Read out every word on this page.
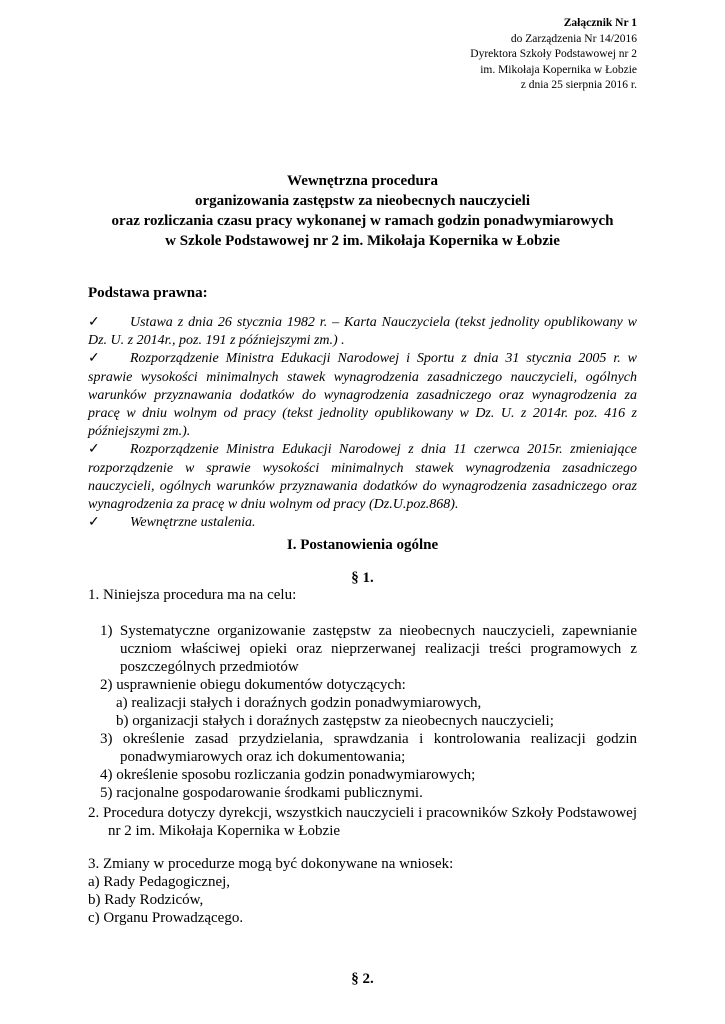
Załącznik Nr 1
do Zarządzenia Nr 14/2016
Dyrektora Szkoły Podstawowej nr 2
im. Mikołaja Kopernika w Łobzie
z dnia 25 sierpnia 2016 r.
Wewnętrzna procedura
organizowania zastępstw za nieobecnych nauczycieli
oraz rozliczania czasu pracy wykonanej w ramach godzin ponadwymiarowych
w Szkole Podstawowej nr 2 im. Mikołaja Kopernika w Łobzie
Podstawa prawna:
✓ Ustawa z dnia 26 stycznia 1982 r. – Karta Nauczyciela (tekst jednolity opublikowany w Dz. U. z 2014r., poz. 191 z późniejszymi zm.) .
✓ Rozporządzenie Ministra Edukacji Narodowej i Sportu z dnia 31 stycznia 2005 r. w sprawie wysokości minimalnych stawek wynagrodzenia zasadniczego nauczycieli, ogólnych warunków przyznawania dodatków do wynagrodzenia zasadniczego oraz wynagrodzenia za pracę w dniu wolnym od pracy (tekst jednolity opublikowany w Dz. U. z 2014r. poz. 416 z późniejszymi zm.).
✓ Rozporządzenie Ministra Edukacji Narodowej z dnia 11 czerwca 2015r. zmieniające rozporządzenie w sprawie wysokości minimalnych stawek wynagrodzenia zasadniczego nauczycieli, ogólnych warunków przyznawania dodatków do wynagrodzenia zasadniczego oraz wynagrodzenia za pracę w dniu wolnym od pracy (Dz.U.poz.868).
✓ Wewnętrzne ustalenia.
I. Postanowienia ogólne
§ 1.
1. Niniejsza procedura ma na celu:
1) Systematyczne organizowanie zastępstw za nieobecnych nauczycieli, zapewnianie uczniom właściwej opieki oraz nieprzerwanej realizacji treści programowych z poszczególnych przedmiotów
2) usprawnienie obiegu dokumentów dotyczących:
a) realizacji stałych i doraźnych godzin ponadwymiarowych,
b) organizacji stałych i doraźnych zastępstw za nieobecnych nauczycieli;
3) określenie zasad przydzielania, sprawdzania i kontrolowania realizacji godzin ponadwymiarowych oraz ich dokumentowania;
4) określenie sposobu rozliczania godzin ponadwymiarowych;
5) racjonalne gospodarowanie środkami publicznymi.
2. Procedura dotyczy dyrekcji, wszystkich nauczycieli i pracowników Szkoły Podstawowej nr 2 im. Mikołaja Kopernika w Łobzie
3. Zmiany w procedurze mogą być dokonywane na wniosek:
a) Rady Pedagogicznej,
b) Rady Rodziców,
c) Organu Prowadzącego.
§ 2.
